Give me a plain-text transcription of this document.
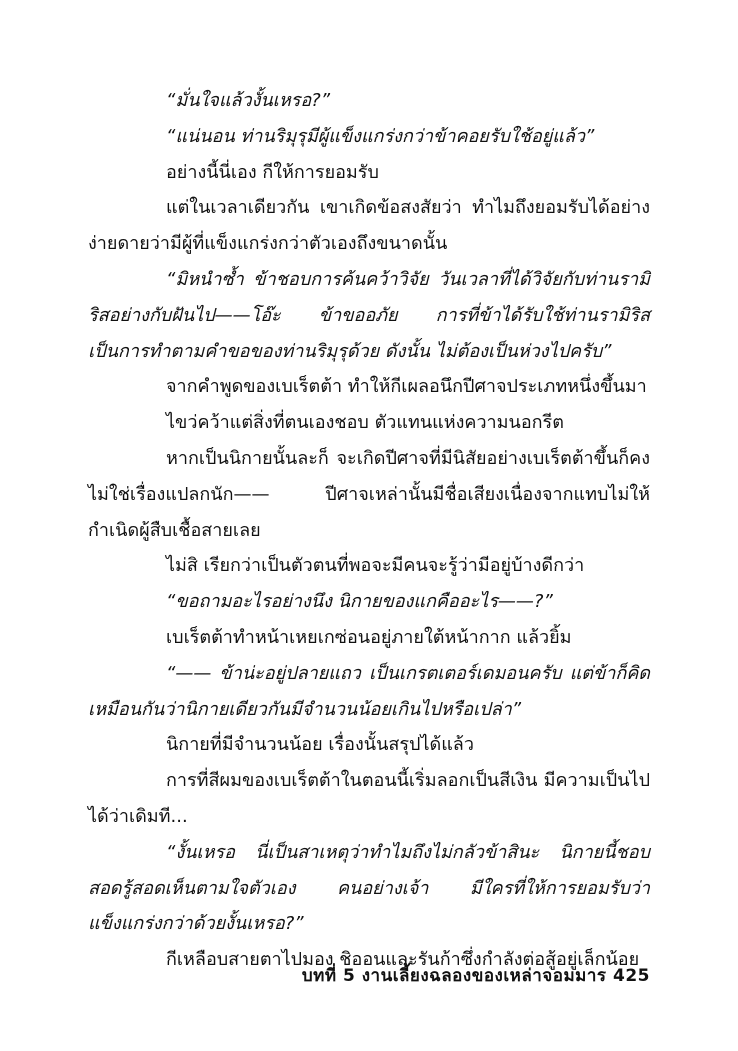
“มั่นใจแล้วงั้นเหรอ?”

“แน่นอน ท่านริมุรุมีผู้แข็งแกร่งกว่าข้าคอยรับใช้อยู่แล้ว”

อย่างนี้นี่เอง กีให้การยอมรับ

แต่ในเวลาเดียวกัน เขาเกิดข้อสงสัยว่า ทำไมถึงยอมรับได้อย่างง่ายดายว่ามีผู้ที่แข็งแกร่งกว่าตัวเองถึงขนาดนั้น

“มิหนำซ้ำ ข้าชอบการค้นคว้าวิจัย วันเวลาที่ได้วิจัยกับท่านรามิริสอย่างกับฝันไป——โอ๊ะ ข้าขออภัย การที่ข้าได้รับใช้ท่านรามิริส เป็นการทำตามคำขอของท่านริมุรุด้วย ดังนั้น ไม่ต้องเป็นห่วงไปครับ”

จากคำพูดของเบเร็ตต้า ทำให้กีเผลอนึกปีศาจประเภทหนึ่งขึ้นมา

ไขว่คว้าแต่สิ่งที่ตนเองชอบ ตัวแทนแห่งความนอกรีต

หากเป็นนิกายนั้นละก็ จะเกิดปีศาจที่มีนิสัยอย่างเบเร็ตต้าขึ้นก็คงไม่ใช่เรื่องแปลกนัก—— ปีศาจเหล่านั้นมีชื่อเสียงเนื่องจากแทบไม่ให้กำเนิดผู้สืบเชื้อสายเลย

ไม่สิ เรียกว่าเป็นตัวตนที่พอจะมีคนจะรู้ว่ามีอยู่บ้างดีกว่า

“ขอถามอะไรอย่างนึง นิกายของแกคืออะไร——?”

เบเร็ตต้าทำหน้าเหยเกซ่อนอยู่ภายใต้หน้ากาก แล้วยิ้ม

“—— ข้าน่ะอยู่ปลายแถว เป็นเกรตเตอร์เดมอนครับ แต่ข้าก็คิดเหมือนกันว่านิกายเดียวกันมีจำนวนน้อยเกินไปหรือเปล่า”

นิกายที่มีจำนวนน้อย เรื่องนั้นสรุปได้แล้ว

การที่สีผมของเบเร็ตต้าในตอนนี้เริ่มลอกเป็นสีเงิน มีความเป็นไปได้ว่าเดิมที...

“งั้นเหรอ นี่เป็นสาเหตุว่าทำไมถึงไม่กลัวข้าสินะ นิกายนี้ชอบสอดรู้สอดเห็นตามใจตัวเอง คนอย่างเจ้า มีใครที่ให้การยอมรับว่าแข็งแกร่งกว่าด้วยงั้นเหรอ?”

กีเหลือบสายตาไปมอง ชิออนและรันก้าซึ่งกำลังต่อสู้อยู่เล็กน้อย

บทที่ 5 งานเลี้ยงฉลองของเหล่าจอมมาร 425
